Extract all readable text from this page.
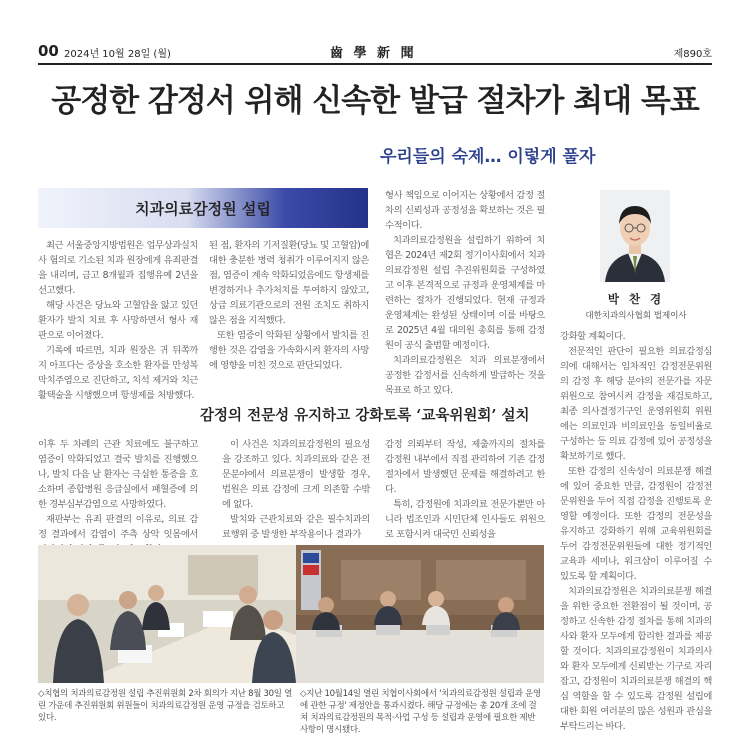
00 2024년 10월 28일 (월)	齒 學 新 聞	제890호
공정한 감정서 위해 신속한 발급 절차가 최대 목표
우리들의 숙제… 이렇게 풀자
치과의료감정원 설립

최근 서울중앙지방법원은 업무상과실치사 혐의로 기소된 치과 원장에게 유죄판결을 내리며, 금고 8개월과 집행유예 2년을 선고했다.

해당 사건은 당뇨와 고혈압을 앓고 있던 환자가 발치 치료 후 사망하면서 형사 재판으로 이어졌다.

기록에 따르면, 치과 원장은 귀 뒤쪽까지 아프다는 증상을 호소한 환자를 만성복막치주염으로 진단하고, 치석 제거와 치근 활택술을 시행했으며 항생제를 처방했다.

된 점, 환자의 기저질환(당뇨 및 고혈압)에 대한 충분한 병력 청취가 이루어지지 않은 점, 염증이 계속 악화되었음에도 항생제를 변경하거나 추가처치를 투여하지 않았고, 상급 의료기관으로의 전원 조치도 취하지 않은 점을 지적했다.

또한 염증이 악화된 상황에서 발치를 진행한 것은 감염을 가속화시켜 환자의 사망에 영향을 미친 것으로 판단되었다.

형사 책임으로 이어지는 상황에서 감정 절차의 신뢰성과 공정성을 확보하는 것은 필수적이다.

치과의료감정원을 설립하기 위하여 치협은 2024년 제2회 정기이사회에서 치과의료감정원 설립 추진위원회를 구성하였고 이후 본격적으로 규정과 운영체계를 마련하는 절차가 진행되었다. 현재 규정과 운영체계는 완성된 상태이며 이를 바탕으로 2025년 4월 대의원 총회를 통해 감정원이 공식 출범할 예정이다.

치과의료감정원은 치과 의료분쟁에서 공정한 감정서를 신속하게 발급하는 것을 목표로 하고 있다.

박 찬 경
대한치과의사협회 법제이사

강화할 계획이다.

전문적인 판단이 필요한 의료감정심의에 대해서는 임차적인 감정전문위원의 감정 후 해당 분야의 전문가를 자문위원으로 참여시켜 감정을 재검토하고, 최종 의사결정기구인 운영위원회 위원에는 의료인과 비의료인을 동일비율로 구성하는 등 의료 감정에 있어 공정성을 확보하기로 했다.

또한 감정의 신속성이 의료분쟁 해결에 있어 중요한 만큼, 감정원이 감정전문위원을 두어 직접 감정을 진행토록 운영할 예정이다. 또한 감정의 전문성을 유지하고 강화하기 위해 교육위원회를 두어 감정전문위원들에 대한 정기적인 교육과 세미나, 워크샵이 이루어질 수 있도록 할 계획이다.

치과의료감정원은 치과의료분쟁 해결을 위한 중요한 전환점이 될 것이며, 공정하고 신속한 감정 절차를 통해 치과의사와 환자 모두에게 합리한 결과를 제공할 것이다. 치과의료감정원이 치과의사와 환자 모두에게 신뢰받는 기구로 자리 잡고, 감정원이 치과의료분쟁 해결의 핵심 역할을 할 수 있도록 감정원 설립에 대한 회원 여러분의 많은 성원과 관심을 부탁드리는 바다.

감정의 전문성 유지하고 강화토록 ‘교육위원회’ 설치

이후 두 차례의 근관 치료에도 불구하고 염증이 악화되었고 결국 발치를 진행했으나, 발치 다음 날 환자는 극심한 통증을 호소하며 종합병원 응급실에서 패혈증에 의한 경부심부감염으로 사망하였다.

재판부는 유죄 판결의 이유로, 의료 감정 결과에서 감염이 주측 상악 잇몸에서

이 사건은 치과의료감정원의 필요성을 강조하고 있다. 치과의료와 같은 전문분야에서 의료분쟁이 발생할 경우, 법원은 의료 감정에 크게 의존할 수밖에 없다.

발치와 근관치료와 같은 필수치과의료행위 중 발생한 부작용이나 결과가

감정 의뢰부터 작성, 제출까지의 절차를 감정원 내부에서 직접 관리하여 기존 감정 절차에서 발생했던 문제를 해결하려고 한다.

특히, 감정원에 치과의료 전문가뿐만 아니라 법조인과 시민단체 인사들도 위원으로 포함시켜 대국민 신뢰성을

◇치협의 치과의료감정원 설립 추진위원회 2차 회의가 지난 8월 30일 열린 가운데 추진위원회 위원들이 치과의료감정원 운영 규정을 검토하고 있다.
◇지난 10월14일 열린 치협이사회에서 '치과의료감정원 설립과 운영에 관한 규정' 제정안을 통과시켰다. 해당 규정에는 총 20개 조에 걸쳐 치과의료감정원의 목적·사업 구성 등 설립과 운영에 필요한 제반 사항이 명시됐다.
